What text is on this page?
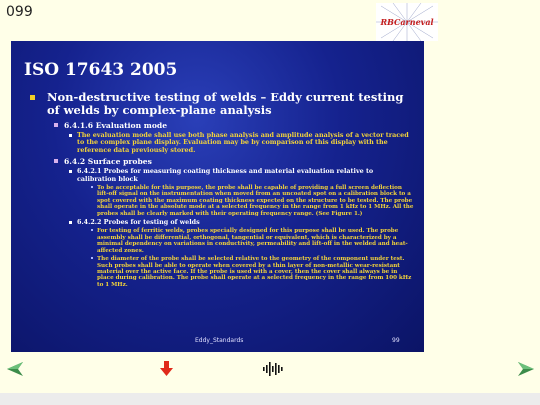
099
RBCarneval
ISO 17643 2005
Non-destructive testing of welds – Eddy current testing of welds by complex-plane analysis
6.4.1.6 Evaluation mode
The evaluation mode shall use both phase analysis and amplitude analysis of a vector traced to the complex plane display. Evaluation may be by comparison of this display with the reference data previously stored.
6.4.2 Surface probes
6.4.2.1 Probes for measuring coating thickness and material evaluation relative to calibration block
To be acceptable for this purpose, the probe shall be capable of providing a full screen deflection lift-off signal on the instrumentation when moved from an uncoated spot on a calibration block to a spot covered with the maximum coating thickness expected on the structure to be tested. The probe shall operate in the absolute mode at a selected frequency in the range from 1 kHz to 1 MHz. All the probes shall be clearly marked with their operating frequency range. (See Figure 1.)
6.4.2.2 Probes for testing of welds
For testing of ferritic welds, probes specially designed for this purpose shall be used. The probe assembly shall be differential, orthogonal, tangential or equivalent, which is characterized by a minimal dependency on variations in conductivity, permeability and lift-off in the welded and heat-affected zones.
The diameter of the probe shall be selected relative to the geometry of the component under test. Such probes shall be able to operate when covered by a thin layer of non-metallic wear-resistant material over the active face. If the probe is used with a cover, then the cover shall always be in place during calibration. The probe shall operate at a selected frequency in the range from 100 kHz to 1 MHz.
Eddy_Standards	99
